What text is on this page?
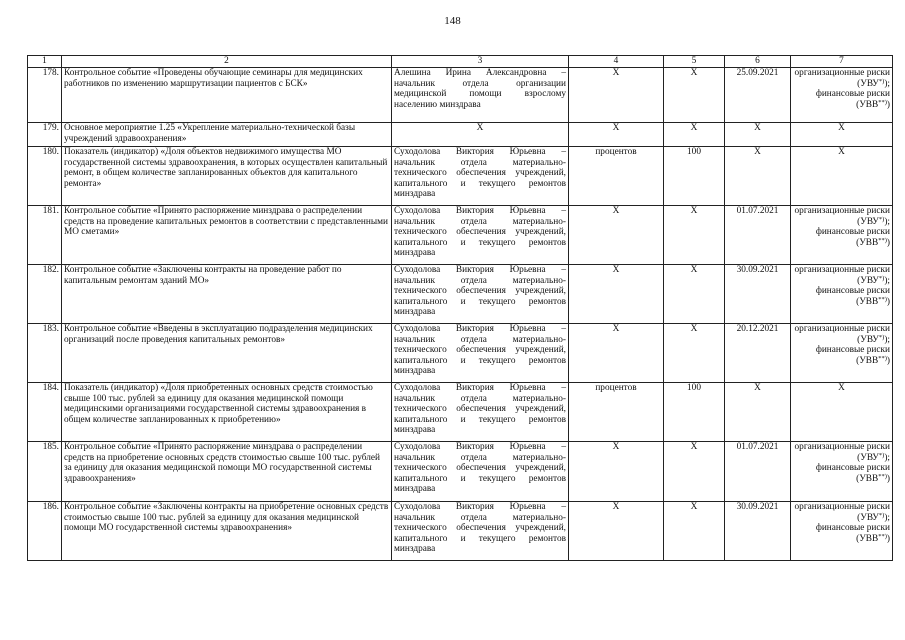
148
1	2	3	4	5	6	7
178.	Контрольное событие «Проведены обучающие семинары для медицинских работников по изменению маршрутизации пациентов с БСК»	Алешина Ирина Александровна – начальник отдела организации медицинской помощи взрослому населению минздрава	X	X	25.09.2021	организационные риски (УВУ*));
финансовые риски (УВВ**))

179.	Основное мероприятие 1.25 «Укрепление материально-технической базы учреждений здравоохранения»	X	X	X	X	X
180.	Показатель (индикатор) «Доля объектов недвижимого имущества МО государственной системы здравоохранения, в которых осуществлен капитальный ремонт, в общем количестве запланированных объектов для капитального ремонта»	Суходолова Виктория Юрьевна – начальник отдела материально-технического обеспечения учреждений, капитального и текущего ремонтов минздрава	процентов	100	X	X
181.	Контрольное событие «Принято распоряжение минздрава о распределении средств на проведение капитальных ремонтов в соответствии с представленными МО сметами»	Суходолова Виктория Юрьевна – начальник отдела материально-технического обеспечения учреждений, капитального и текущего ремонтов минздрава	X	X	01.07.2021	организационные риски (УВУ*));
финансовые риски (УВВ**))

182.	Контрольное событие «Заключены контракты на проведение работ по капитальным ремонтам зданий МО»	Суходолова Виктория Юрьевна – начальник отдела материально-технического обеспечения учреждений, капитального и текущего ремонтов минздрава	X	X	30.09.2021	организационные риски (УВУ*));
финансовые риски (УВВ**))

183.	Контрольное событие «Введены в эксплуатацию подразделения медицинских организаций после проведения капитальных ремонтов»	Суходолова Виктория Юрьевна – начальник отдела материально-технического обеспечения учреждений, капитального и текущего ремонтов минздрава	X	X	20.12.2021	организационные риски (УВУ*));
финансовые риски (УВВ**))

184.	Показатель (индикатор) «Доля приобретенных основных средств стоимостью свыше 100 тыс. рублей за единицу для оказания медицинской помощи медицинскими организациями государственной системы здравоохранения в общем количестве запланированных к приобретению»	Суходолова Виктория Юрьевна – начальник отдела материально-технического обеспечения учреждений, капитального и текущего ремонтов минздрава	процентов	100	X	X
185.	Контрольное событие «Принято распоряжение минздрава о распределении средств на приобретение основных средств стоимостью свыше 100 тыс. рублей за единицу для оказания медицинской помощи МО государственной системы здравоохранения»	Суходолова Виктория Юрьевна – начальник отдела материально-технического обеспечения учреждений, капитального и текущего ремонтов минздрава	X	X	01.07.2021	организационные риски (УВУ*));
финансовые риски (УВВ**))

186.	Контрольное событие «Заключены контракты на приобретение основных средств стоимостью свыше 100 тыс. рублей за единицу для оказания медицинской помощи МО государственной системы здравоохранения»	Суходолова Виктория Юрьевна – начальник отдела материально-технического обеспечения учреждений, капитального и текущего ремонтов минздрава	X	X	30.09.2021	организационные риски (УВУ*));
финансовые риски (УВВ**))
